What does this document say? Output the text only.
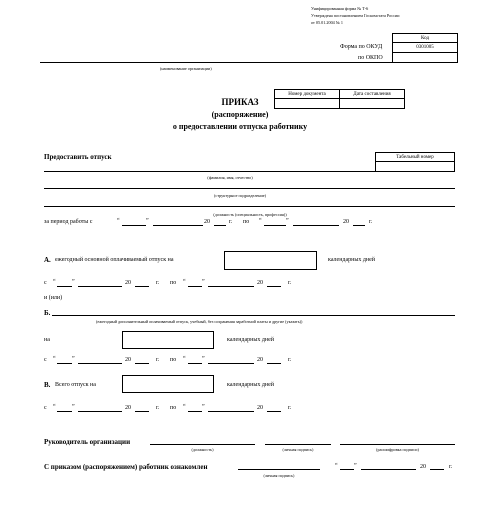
Унифицированная форма № Т-6
Утверждена постановлением Госкомстата России
от 05.01.2004 № 1
Код
Форма по ОКУД	0301005
по ОКПО
(наименование организации)
Номер документа	Дата составления
ПРИКАЗ
(распоряжение)
о предоставлении отпуска работнику
Предоставить отпуск	Табельный номер
(фамилия, имя, отчество)
(структурное подразделение)
(должность (специальность, профессия))
за период работы с	“	”	20	г. по “	”	20	г.
А. ежегодный основной оплачиваемый отпуск на	календарных дней
с “	”	20	г. по “	”	20	г.
и (или)
Б.
(ежегодный дополнительный оплачиваемый отпуск, учебный, без сохранения заработной платы и другие (указать))
на	календарных дней
с “	”	20	г. по “	”	20	г.
В. Всего отпуск на	календарных дней
с “	”	20	г. по “	”	20	г.
Руководитель организации
(должность)	(личная подпись)	(расшифровка подписи)
С приказом (распоряжением) работник ознакомлен
(личная подпись)
“	”	20	г.
